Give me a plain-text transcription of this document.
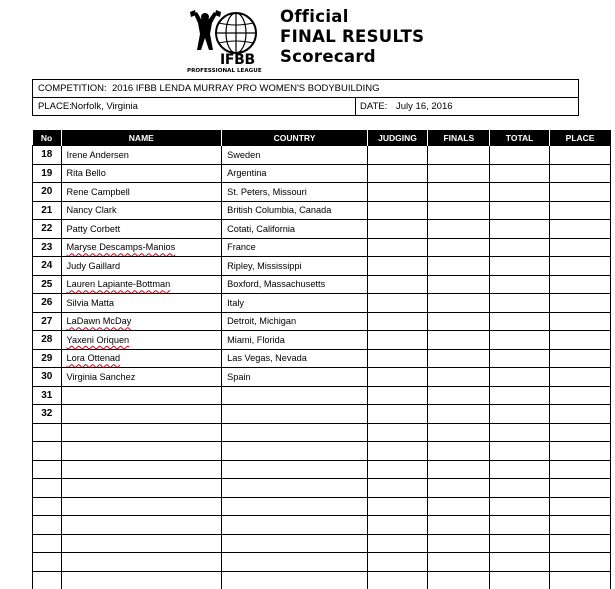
IFBB
PROFESSIONAL LEAGUE
Official
FINAL RESULTS
Scorecard
COMPETITION: 2016 IFBB LENDA MURRAY PRO WOMEN'S BODYBUILDING
PLACE: Norfolk, Virginia	DATE: July 16, 2016
No	NAME	COUNTRY	JUDGING	FINALS	TOTAL	PLACE
18	Irene Andersen	Sweden				
19	Rita Bello	Argentina				
20	Rene Campbell	St. Peters, Missouri				
21	Nancy Clark	British Columbia, Canada				
22	Patty Corbett	Cotati, California				
23	Maryse Descamps-Manios	France				
24	Judy Gaillard	Ripley, Mississippi				
25	Lauren Lapiante-Bottman	Boxford, Massachusetts				
26	Silvia Matta	Italy				
27	LaDawn McDay	Detroit, Michigan				
28	Yaxeni Oriquen	Miami, Florida				
29	Lora Ottenad	Las Vegas, Nevada				
30	Virginia Sanchez	Spain				
31						
32						
